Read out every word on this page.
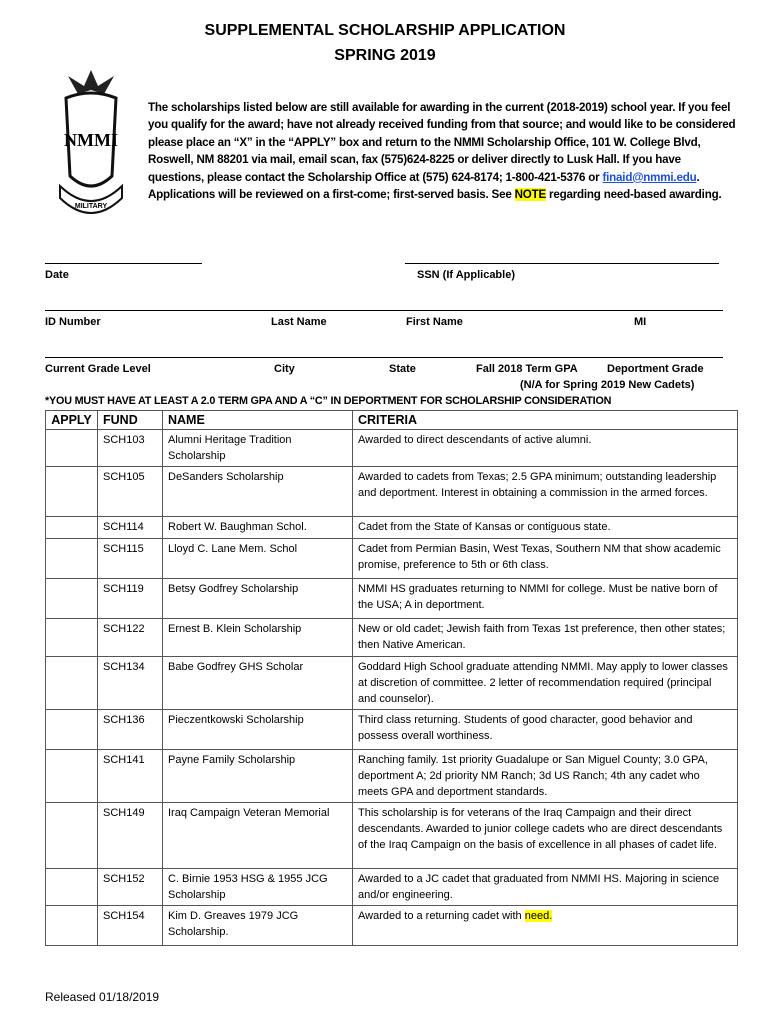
SUPPLEMENTAL SCHOLARSHIP APPLICATION
SPRING 2019
NMMI
MILITARY
The scholarships listed below are still available for awarding in the current (2018-2019) school year. If you feel you qualify for the award; have not already received funding from that source; and would like to be considered please place an “X” in the “APPLY” box and return to the NMMI Scholarship Office, 101 W. College Blvd, Roswell, NM 88201 via mail, email scan, fax (575)624-8225 or deliver directly to Lusk Hall. If you have questions, please contact the Scholarship Office at (575) 624-8174; 1-800-421-5376 or finaid@nmmi.edu. Applications will be reviewed on a first-come; first-served basis. See NOTE regarding need-based awarding.
Date	SSN (If Applicable)
ID Number	Last Name	First Name	MI
Current Grade Level	City	State	Fall 2018 Term GPA	Deportment Grade
(N/A for Spring 2019 New Cadets)
*YOU MUST HAVE AT LEAST A 2.0 TERM GPA AND A “C” IN DEPORTMENT FOR SCHOLARSHIP CONSIDERATION
APPLY	FUND	NAME	CRITERIA
	SCH103	Alumni Heritage Tradition Scholarship	Awarded to direct descendants of active alumni.
	SCH105	DeSanders Scholarship	Awarded to cadets from Texas; 2.5 GPA minimum; outstanding leadership and deportment. Interest in obtaining a commission in the armed forces.
	SCH114	Robert W. Baughman Schol.	Cadet from the State of Kansas or contiguous state.
	SCH115	Lloyd C. Lane Mem. Schol	Cadet from Permian Basin, West Texas, Southern NM that show academic promise, preference to 5th or 6th class.
	SCH119	Betsy Godfrey Scholarship	NMMI HS graduates returning to NMMI for college. Must be native born of the USA; A in deportment.
	SCH122	Ernest B. Klein Scholarship	New or old cadet; Jewish faith from Texas 1st preference, then other states; then Native American.
	SCH134	Babe Godfrey GHS Scholar	Goddard High School graduate attending NMMI. May apply to lower classes at discretion of committee. 2 letter of recommendation required (principal and counselor).
	SCH136	Pieczentkowski Scholarship	Third class returning. Students of good character, good behavior and possess overall worthiness.
	SCH141	Payne Family Scholarship	Ranching family. 1st priority Guadalupe or San Miguel County; 3.0 GPA, deportment A; 2d priority NM Ranch; 3d US Ranch; 4th any cadet who meets GPA and deportment standards.
	SCH149	Iraq Campaign Veteran Memorial	This scholarship is for veterans of the Iraq Campaign and their direct descendants. Awarded to junior college cadets who are direct descendants of the Iraq Campaign on the basis of excellence in all phases of cadet life.
	SCH152	C. Birnie 1953 HSG & 1955 JCG Scholarship	Awarded to a JC cadet that graduated from NMMI HS. Majoring in science and/or engineering.
	SCH154	Kim D. Greaves 1979 JCG Scholarship.	Awarded to a returning cadet with need.
Released 01/18/2019
